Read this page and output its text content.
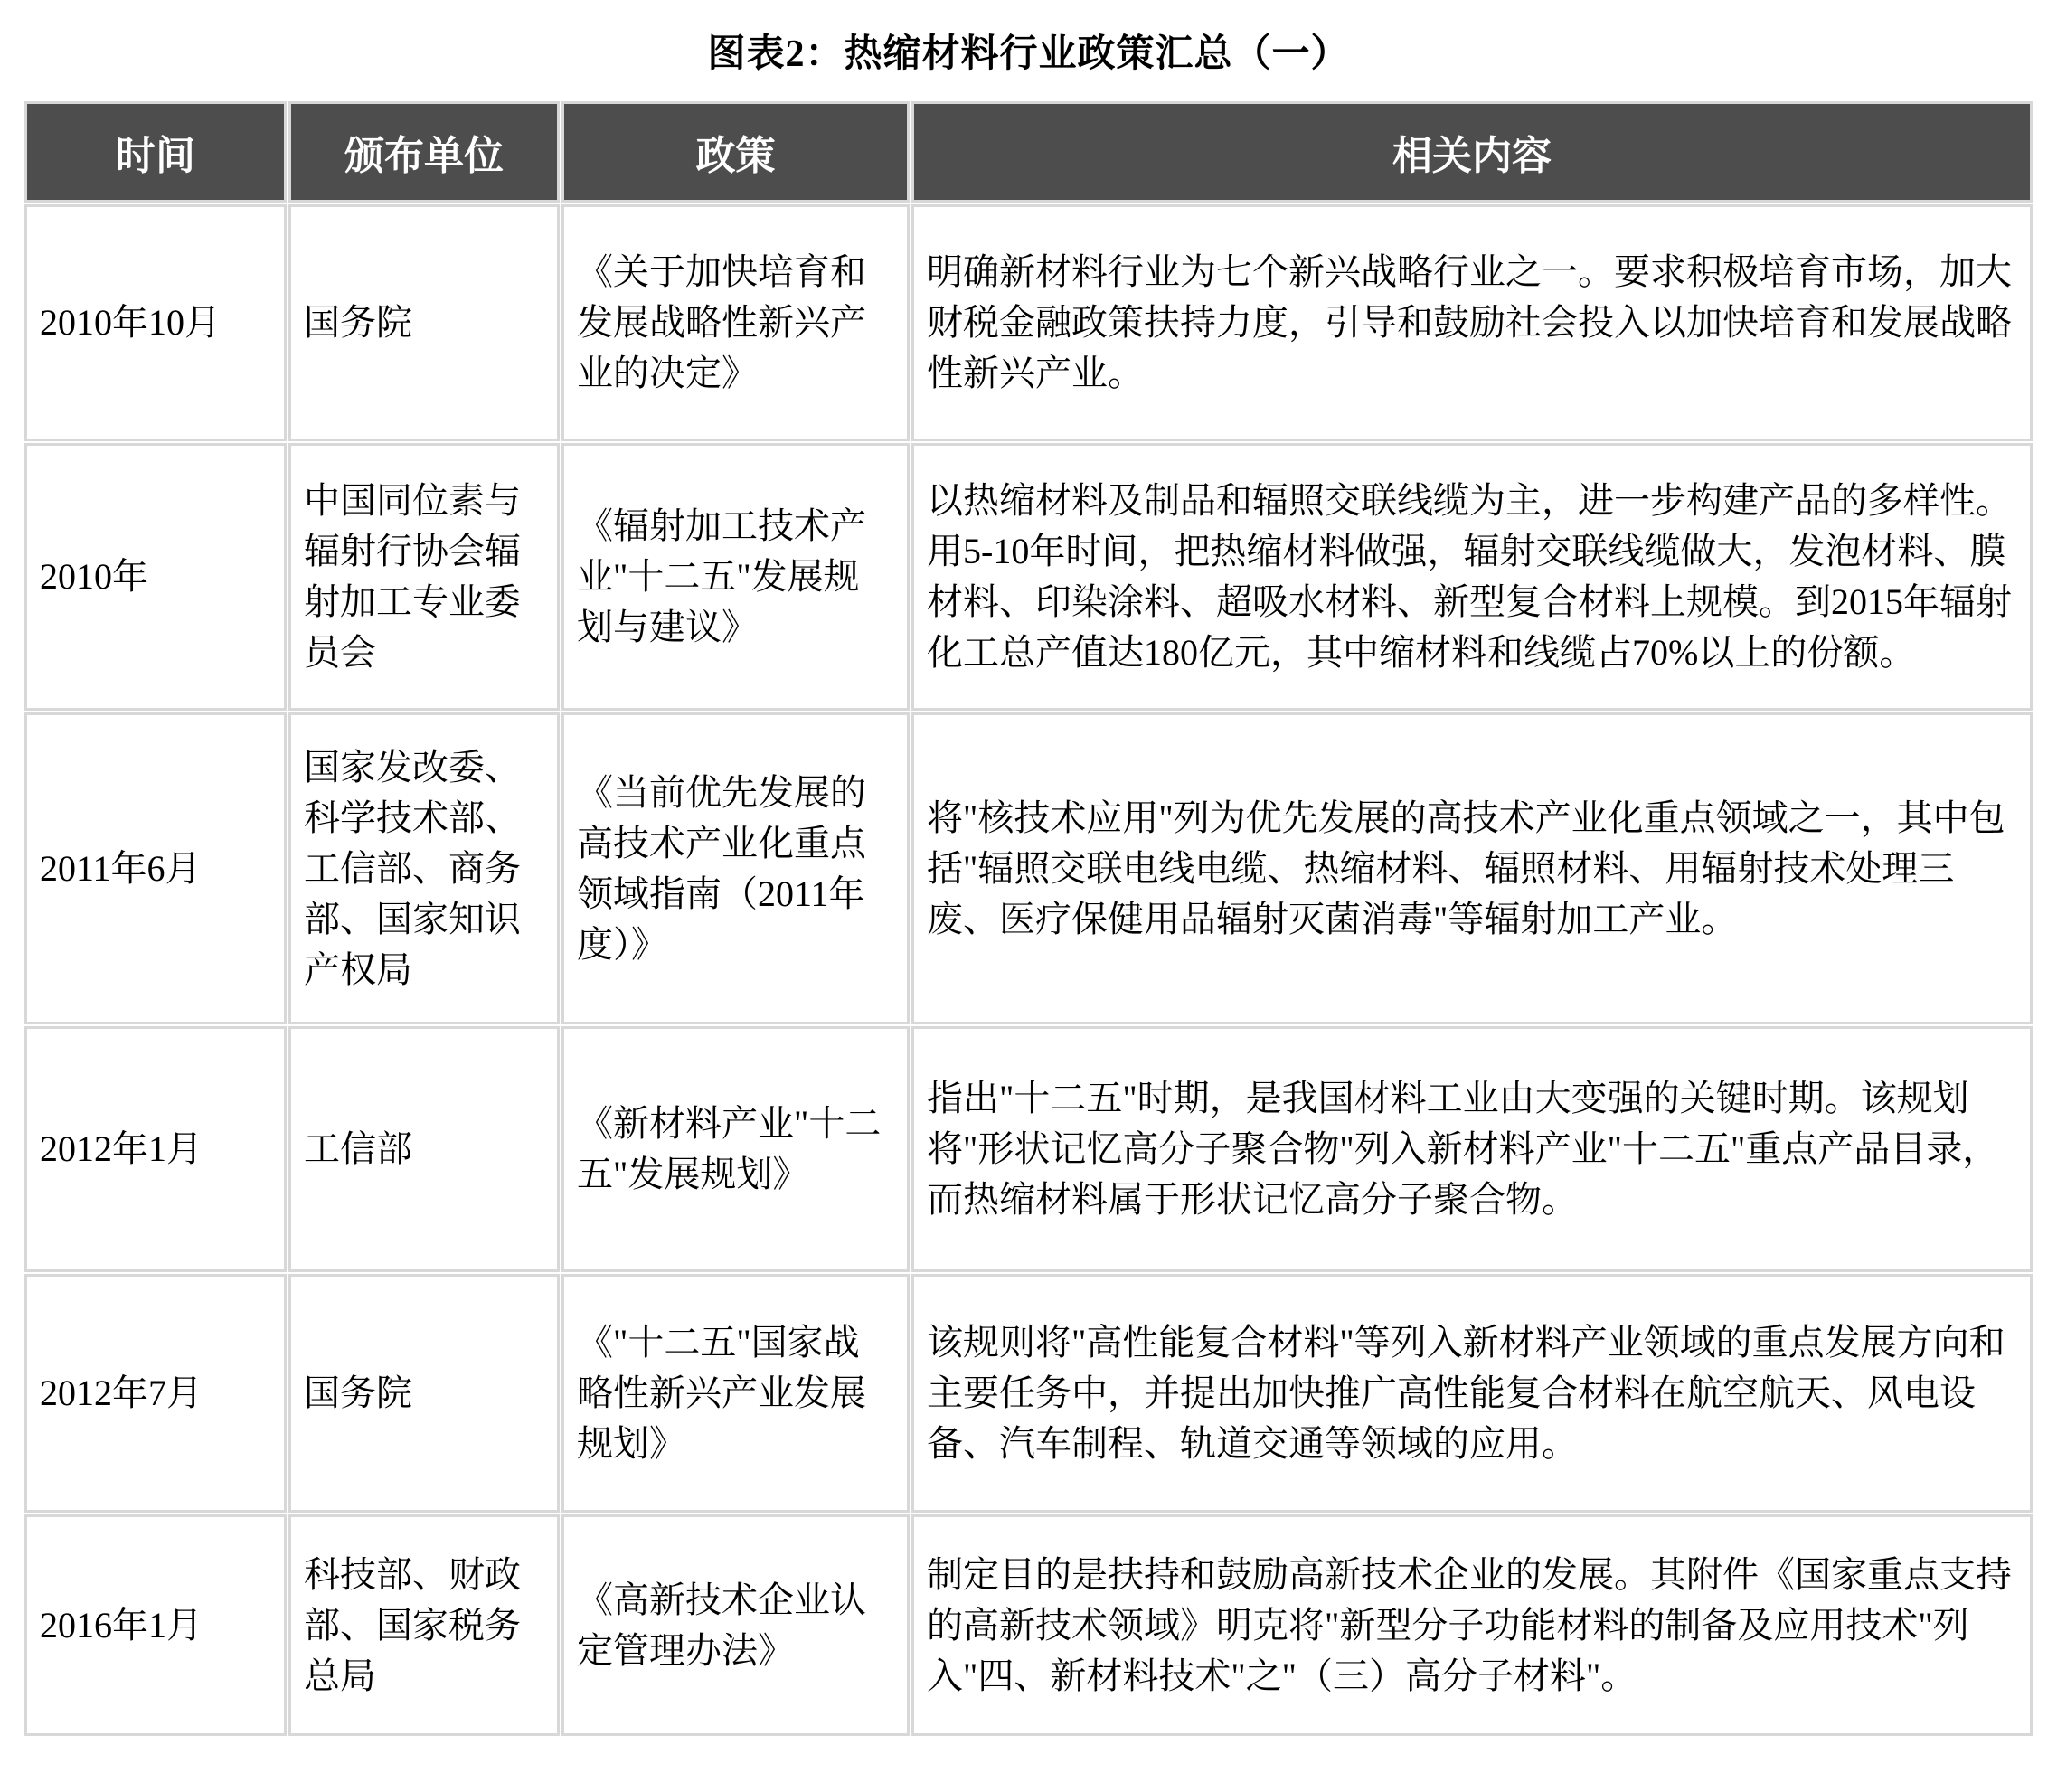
图表2：热缩材料行业政策汇总（一）
时间	颁布单位	政策	相关内容
2010年10月	国务院	《关于加快培育和发展战略性新兴产业的决定》	明确新材料行业为七个新兴战略行业之一。要求积极培育市场，加大财税金融政策扶持力度，引导和鼓励社会投入以加快培育和发展战略性新兴产业。
2010年	中国同位素与辐射行协会辐射加工专业委员会	《辐射加工技术产业"十二五"发展规划与建议》	以热缩材料及制品和辐照交联线缆为主，进一步构建产品的多样性。用5-10年时间，把热缩材料做强，辐射交联线缆做大，发泡材料、膜材料、印染涂料、超吸水材料、新型复合材料上规模。到2015年辐射化工总产值达180亿元，其中缩材料和线缆占70%以上的份额。
2011年6月	国家发改委、科学技术部、工信部、商务部、国家知识产权局	《当前优先发展的高技术产业化重点领域指南（2011年度）》	将"核技术应用"列为优先发展的高技术产业化重点领域之一，其中包括"辐照交联电线电缆、热缩材料、辐照材料、用辐射技术处理三废、医疗保健用品辐射灭菌消毒"等辐射加工产业。
2012年1月	工信部	《新材料产业"十二五"发展规划》	指出"十二五"时期，是我国材料工业由大变强的关键时期。该规划将"形状记忆高分子聚合物"列入新材料产业"十二五"重点产品目录，而热缩材料属于形状记忆高分子聚合物。
2012年7月	国务院	《"十二五"国家战略性新兴产业发展规划》	该规则将"高性能复合材料"等列入新材料产业领域的重点发展方向和主要任务中，并提出加快推广高性能复合材料在航空航天、风电设备、汽车制程、轨道交通等领域的应用。
2016年1月	科技部、财政部、国家税务总局	《高新技术企业认定管理办法》	制定目的是扶持和鼓励高新技术企业的发展。其附件《国家重点支持的高新技术领域》明克将"新型分子功能材料的制备及应用技术"列入"四、新材料技术"之"（三）高分子材料"。
